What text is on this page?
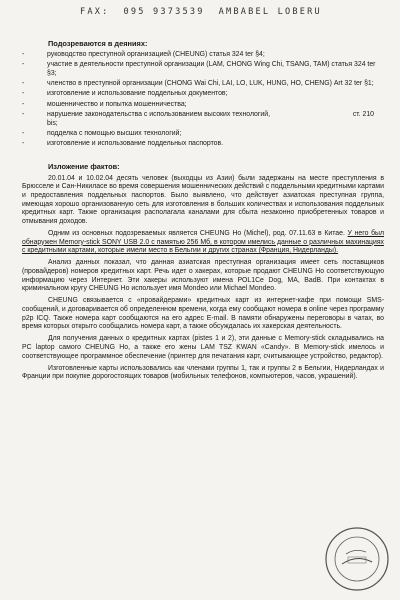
FAX: 095 9373539 AMBABEL LOBERU
Подозреваются в деяниях:
-	руководство преступной организацией (CHEUNG) статья 324 ter §4;
-	участие в деятельности преступной организации (LAM, CHONG Wing Chi, TSANG, TAM) статья 324 ter §3;
-	членство в преступной организации (CHONG Wai Chi, LAI, LO, LUK, HUNG, HO, CHENG) Art 32 ter §1;
-	изготовление и использование поддельных документов;
-	мошенничество и попытка мошенничества;
-	нарушение законодательства с использованием высоких технологий,	ст. 210

bis;
-	подделка с помощью высших технологий;
-	изготовление и использование поддельных паспортов.
Изложение фактов:

20.01.04 и 10.02.04 десять человек (выходцы из Азии) были задержаны на месте преступления в Брюсселе и Сан-Никиласе во время совершения мошеннических действий с поддельными кредитными картами и предоставления поддельных паспортов. Было выявлено, что действует азиатская преступная группа, имеющая хорошо организованную сеть для изготовления в больших количествах и использования поддельных кредитных карт. Также организация располагала каналами для сбыта незаконно приобретенных товаров и отмывания доходов.

Одним из основных подозреваемых является CHEUNG Ho (Michel), род. 07.11.63 в Китае. У него был обнаружен Memory-stick SONY USB 2.0 с памятью 256 Мб, в котором имелись данные о различных махинациях с кредитными картами, которые имели место в Бельгии и других странах (Франция, Нидерланды).

Анализ данных показал, что данная азиатская преступная организация имеет сеть поставщиков (провайдеров) номеров кредитных карт. Речь идет о хакерах, которые продают CHEUNG Ho соответствующую информацию через Интернет. Эти хакеры используют имена POL1Ce Dog, MA, BadB. При контактах в криминальном кругу CHEUNG Ho использует имя Mondeo или Michael Mondeo.

CHEUNG связывается с «провайдерами» кредитных карт из интернет-кафе при помощи SMS-сообщений, и договаривается об определенном времени, когда ему сообщают номера в online через программу p2p ICQ. Также номера карт сообщаются на его адрес E-mail. В памяти обнаружены переговоры в чатах, во время которых открыто сообщались номера карт, а также обсуждалась их хакерская деятельность.

Для получения данных о кредитных картах (pistes 1 и 2), эти данные с Memory-stick складывались на PC laptop самого CHEUNG Ho, а также его жены LAM TSZ KWAN «Candy». В Memory-stick имелось и соответствующее программное обеспечение (принтер для печатания карт, считывающее устройство, редактор).

Изготовленные карты использовались как членами группы 1, так и группы 2 в Бельгии, Нидерландах и Франции при покупке дорогостоящих товаров (мобильных телефонов, компьютеров, часов, украшений).
